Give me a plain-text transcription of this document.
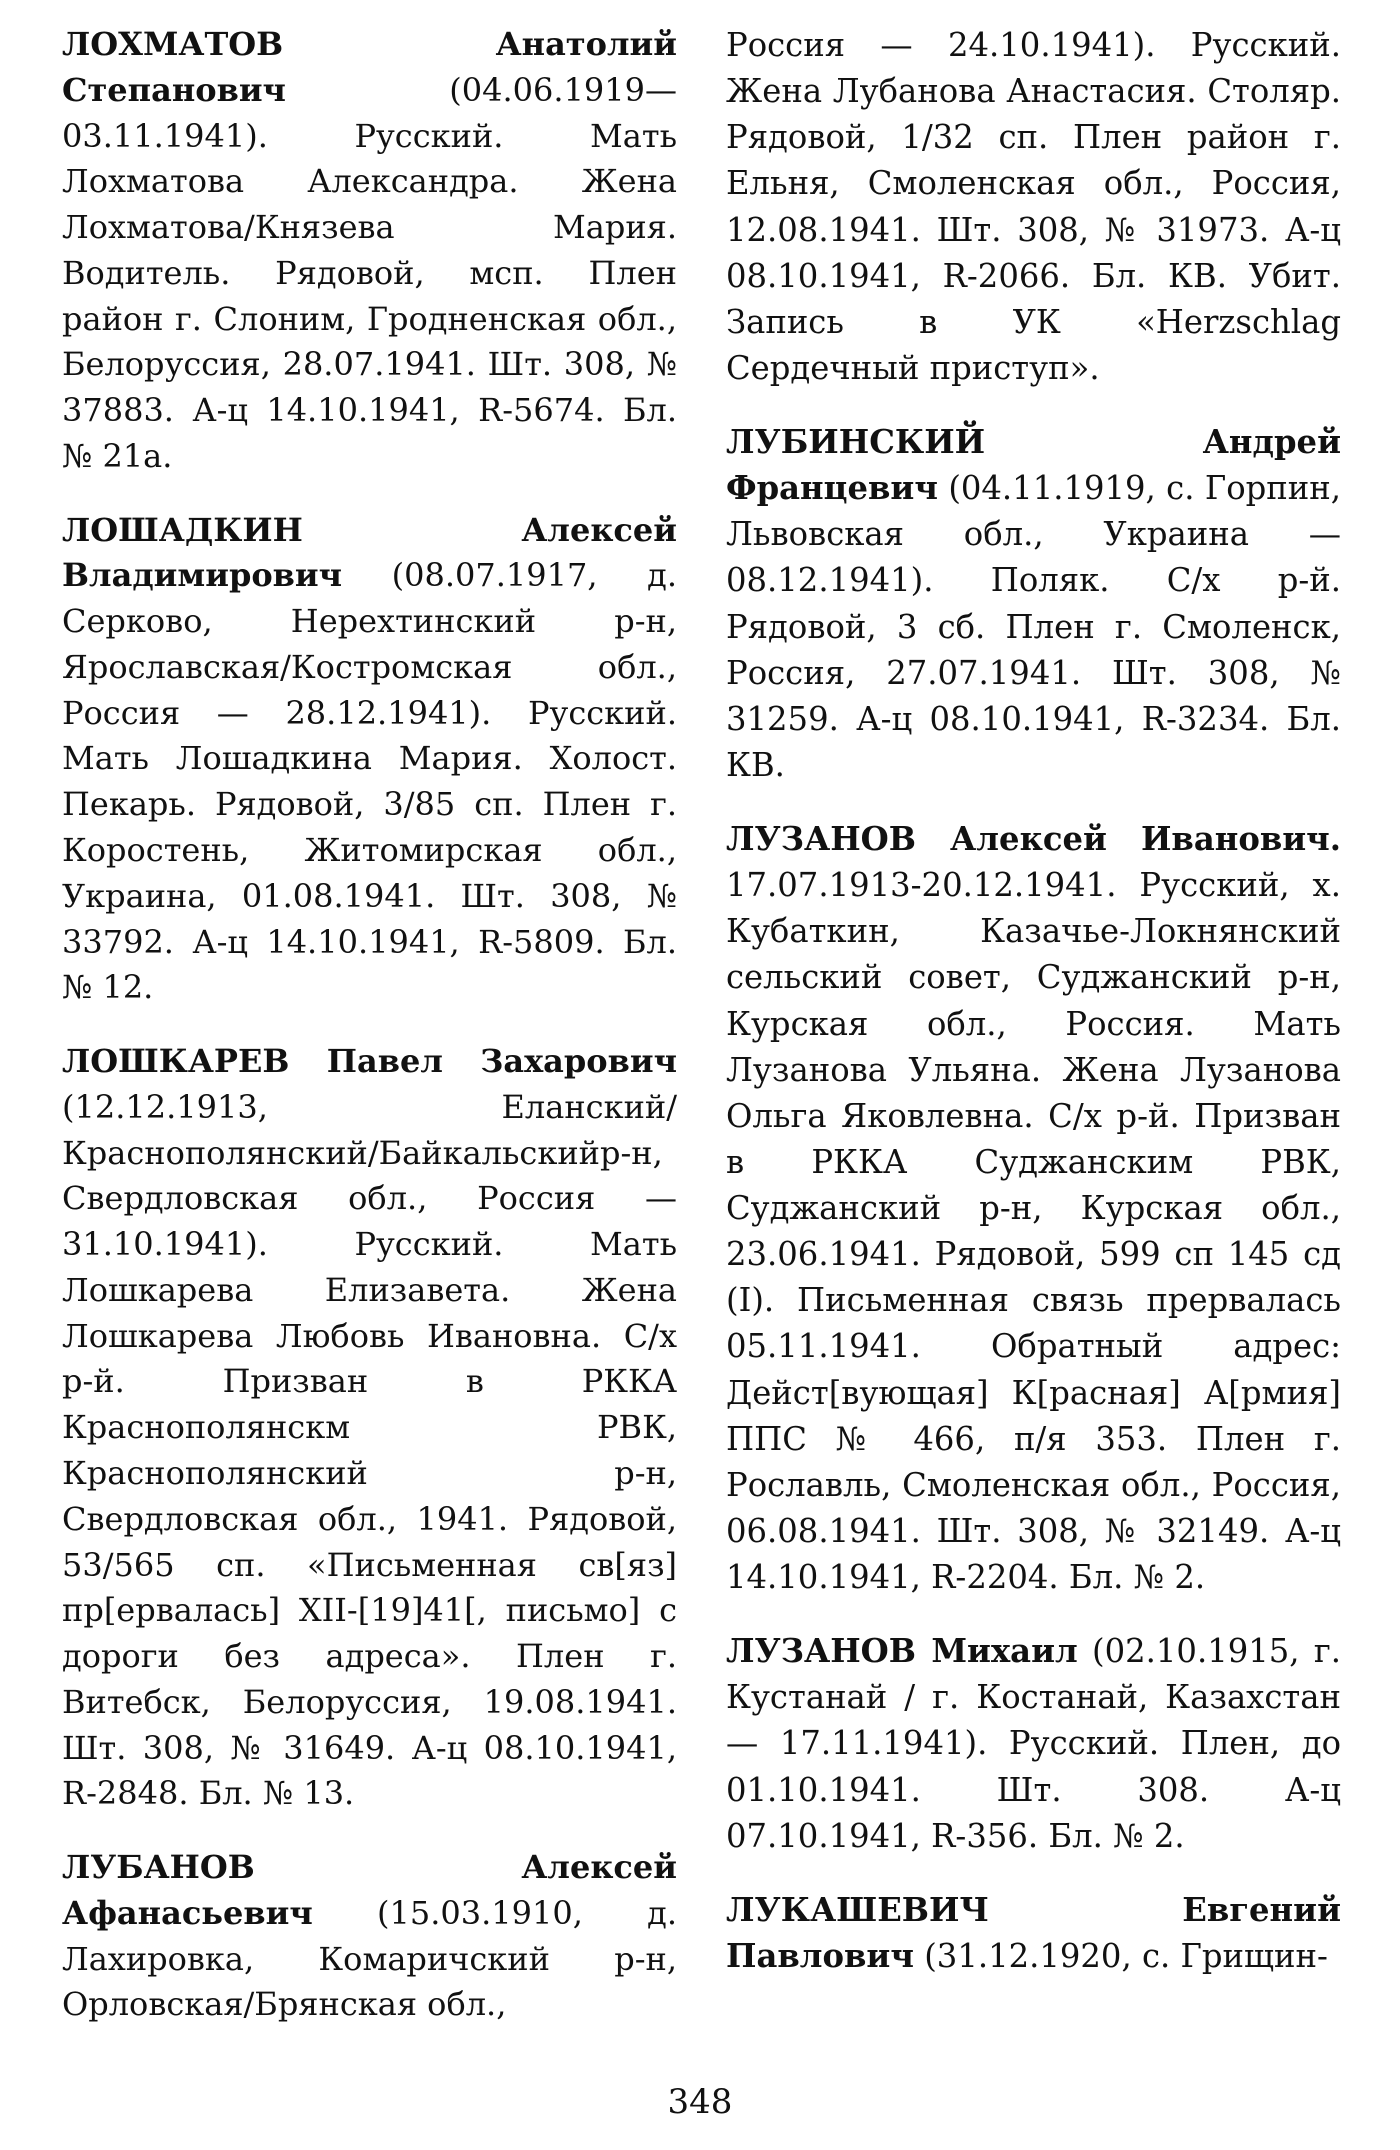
ЛОХМАТОВ Анатолий Степанович	(04.06.1919—03.11.1941). Русский. Мать Лохматова Александра. Жена Лохматова/Князева Мария. Водитель. Рядовой, мсп. Плен район г. Слоним, Гродненская обл., Белоруссия, 28.07.1941. Шт. 308, № 37883. А-ц 14.10.1941, R-5674. Бл. № 21а.

ЛОШАДКИН Алексей Владимирович (08.07.1917, д. Серково, Нерехтинский р-н, Ярославская/Костромская обл., Россия — 28.12.1941). Русский. Мать Лошадкина Мария. Холост. Пекарь. Рядовой, 3/85 сп. Плен г. Коростень, Житомирская обл., Украина, 01.08.1941. Шт. 308, № 33792. А-ц 14.10.1941, R-5809. Бл. № 12.

ЛОШКАРЕВ Павел Захарович (12.12.1913, Еланский/Краснополянский/Байкальскийр-н, Свердловская обл., Россия — 31.10.1941). Русский. Мать Лошкарева Елизавета. Жена Лошкарева Любовь Ивановна. С/х р-й. Призван в РККА Краснополянскм РВК, Краснополянский р-н, Свердловская обл., 1941. Рядовой, 53/565 сп. «Письменная св[яз] пр[ервалась] XII-[19]41[, письмо] с дороги без адреса». Плен г. Витебск, Белоруссия, 19.08.1941. Шт. 308, № 31649. А-ц 08.10.1941, R-2848. Бл. № 13.

ЛУБАНОВ Алексей Афанасьевич (15.03.1910, д. Лахировка, Комаричский р-н, Орловская/Брянская обл.,

Россия — 24.10.1941). Русский. Жена Лубанова Анастасия. Столяр. Рядовой, 1/32 сп. Плен район г. Ельня, Смоленская обл., Россия, 12.08.1941. Шт. 308, № 31973. А-ц 08.10.1941, R-2066. Бл. КВ. Убит. Запись в УК «Herzschlag Сердечный приступ».

ЛУБИНСКИЙ Андрей Францевич (04.11.1919, с. Горпин, Львовская обл., Украина — 08.12.1941). Поляк. С/х р-й. Рядовой, 3 сб. Плен г. Смоленск, Россия, 27.07.1941. Шт. 308, № 31259. А-ц 08.10.1941, R-3234. Бл. КВ.

ЛУЗАНОВ Алексей Иванович. 17.07.1913-20.12.1941. Русский, х. Кубаткин, Казачье-Локнянский сельский совет, Суджанский р-н, Курская обл., Россия. Мать Лузанова Ульяна. Жена Лузанова Ольга Яковлевна. С/х р-й. Призван в РККА Суджанским РВК, Суджанский р-н, Курская обл., 23.06.1941. Рядовой, 599 сп 145 сд (I). Письменная связь прервалась 05.11.1941. Обратный адрес: Дейст[вующая] К[расная] А[рмия] ППС № 466, п/я 353. Плен г. Рославль, Смоленская обл., Россия, 06.08.1941. Шт. 308, № 32149. А-ц 14.10.1941, R-2204. Бл. № 2.

ЛУЗАНОВ Михаил (02.10.1915, г. Кустанай / г. Костанай, Казахстан — 17.11.1941). Русский. Плен, до 01.10.1941. Шт. 308. А-ц 07.10.1941, R-356. Бл. № 2.

ЛУКАШЕВИЧ Евгений Павлович (31.12.1920, с. Грищин-

348
